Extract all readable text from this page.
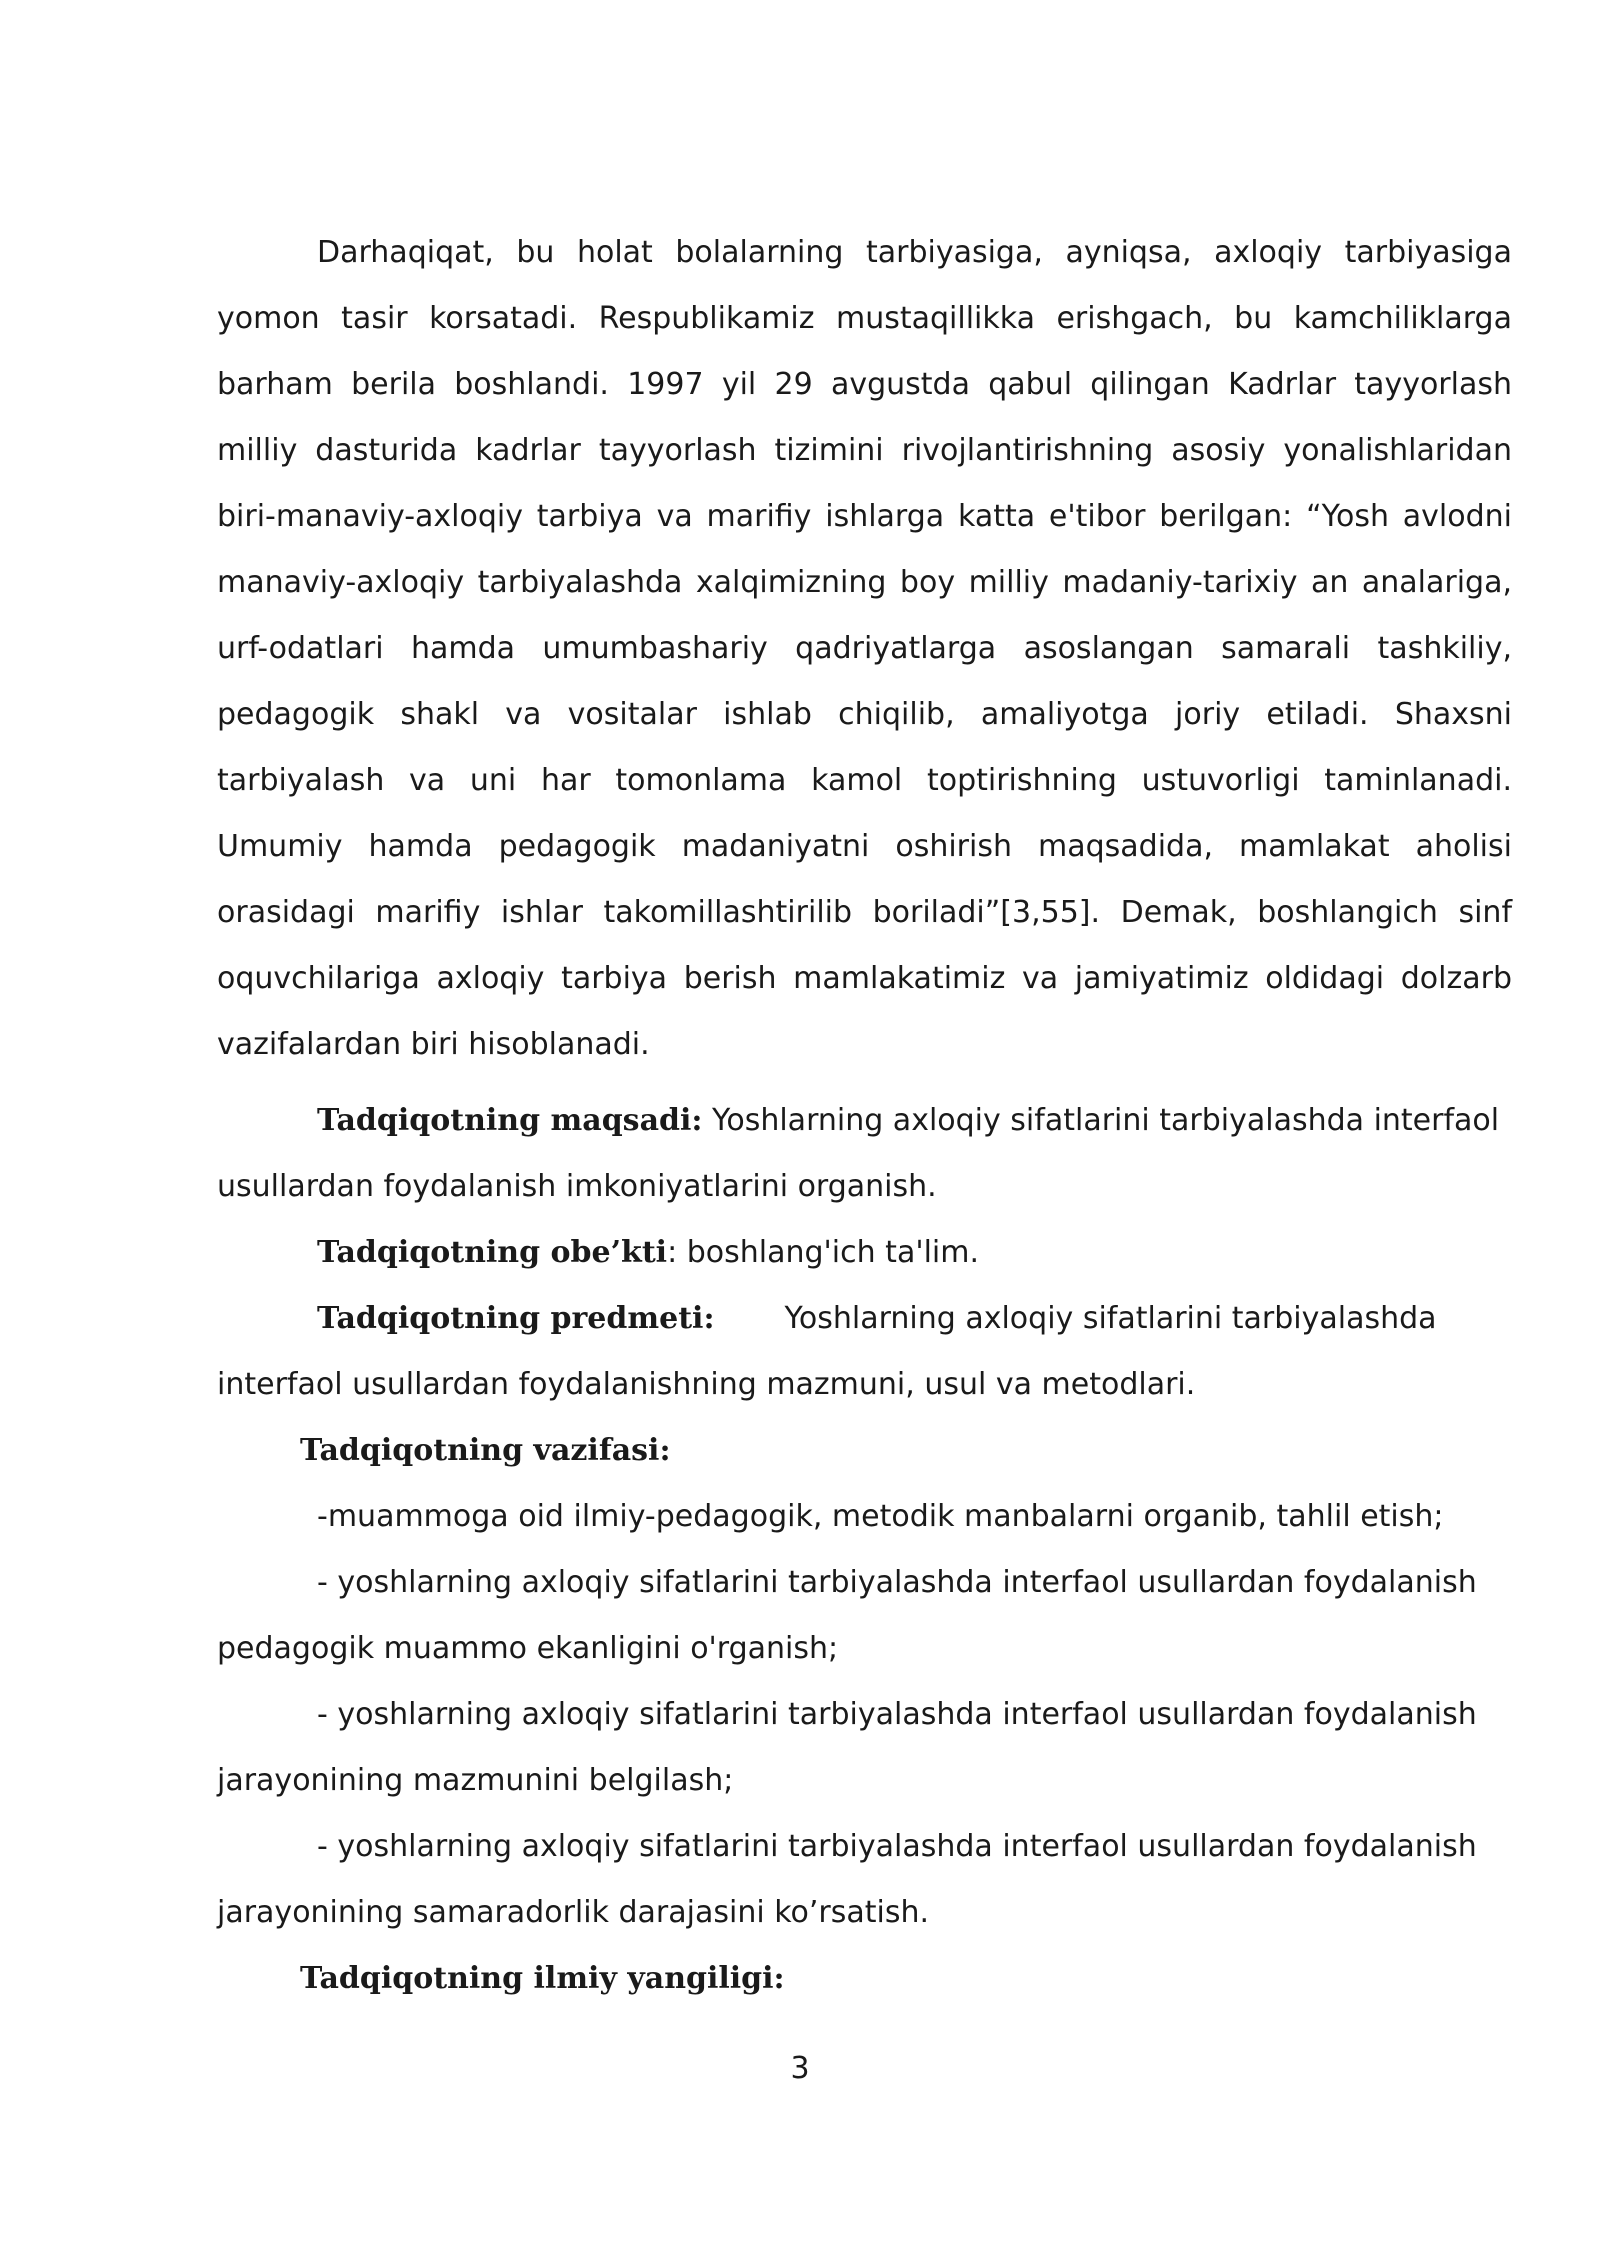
Darhaqiqat, bu holat bolalarning tarbiyasiga, ayniqsa, axloqiy tarbiyasiga yomon tasir korsatadi. Respublikamiz mustaqillikka erishgach, bu kamchiliklarga barham berila boshlandi. 1997 yil 29 avgustda qabul qilingan Kadrlar tayyorlash milliy dasturida kadrlar tayyorlash tizimini rivojlantirishning asosiy yonalishlaridan biri-manaviy-axloqiy tarbiya va marifiy ishlarga katta e'tibor berilgan: “Yosh avlodni manaviy-axloqiy tarbiyalashda xalqimizning boy milliy madaniy-tarixiy an analariga, urf-odatlari hamda umumbashariy qadriyatlarga asoslangan samarali tashkiliy, pedagogik shakl va vositalar ishlab chiqilib, amaliyotga joriy etiladi. Shaxsni tarbiyalash va uni har tomonlama kamol toptirishning ustuvorligi taminlanadi. Umumiy hamda pedagogik madaniyatni oshirish maqsadida, mamlakat aholisi orasidagi marifiy ishlar takomillashtirilib boriladi”[3,55]. Demak, boshlangich sinf oquvchilariga axloqiy tarbiya berish mamlakatimiz va jamiyatimiz oldidagi dolzarb vazifalardan biri hisoblanadi.

Tadqiqotning maqsadi: Yoshlarning axloqiy sifatlarini tarbiyalashda interfaol usullardan foydalanish imkoniyatlarini organish.

Tadqiqotning obe’kti: boshlang'ich ta'lim.

Tadqiqotning predmeti: Yoshlarning axloqiy sifatlarini tarbiyalashda interfaol usullardan foydalanishning mazmuni, usul va metodlari.

Tadqiqotning vazifasi:

-muammoga oid ilmiy-pedagogik, metodik manbalarni organib, tahlil etish;

- yoshlarning axloqiy sifatlarini tarbiyalashda interfaol usullardan foydalanish pedagogik muammo ekanligini o'rganish;

- yoshlarning axloqiy sifatlarini tarbiyalashda interfaol usullardan foydalanish jarayonining mazmunini belgilash;

- yoshlarning axloqiy sifatlarini tarbiyalashda interfaol usullardan foydalanish jarayonining samaradorlik darajasini ko’rsatish.

Tadqiqotning ilmiy yangiligi:

3
